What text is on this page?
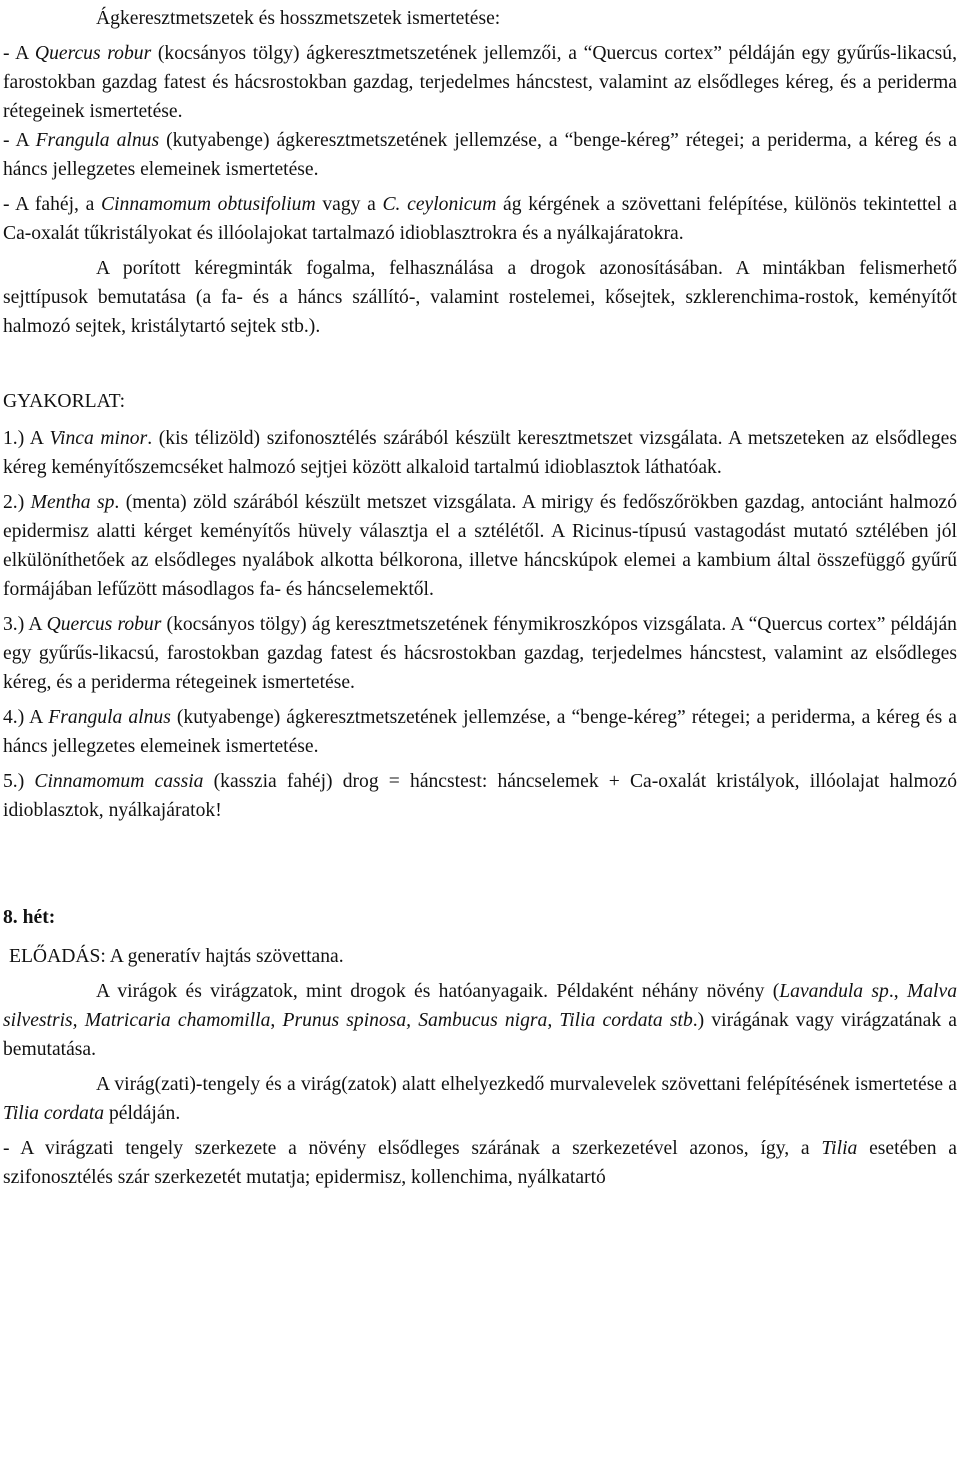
Ágkeresztmetszetek és hosszmetszetek ismertetése:

- A Quercus robur (kocsányos tölgy) ágkeresztmetszetének jellemzői, a “Quercus cortex” példáján egy gyűrűs-likacsú, farostokban gazdag fatest és hácsrostokban gazdag, terjedelmes háncstest, valamint az elsődleges kéreg, és a periderma rétegeinek ismertetése.

- A Frangula alnus (kutyabenge) ágkeresztmetszetének jellemzése, a “benge-kéreg” rétegei; a periderma, a kéreg és a háncs jellegzetes elemeinek ismertetése.

- A fahéj, a Cinnamomum obtusifolium vagy a C. ceylonicum ág kérgének a szövettani felépítése, különös tekintettel a Ca-oxalát tűkristályokat és illóolajokat tartalmazó idioblasztrokra és a nyálkajáratokra.

A porított kéregminták fogalma, felhasználása a drogok azonosításában. A mintákban felismerhető sejttípusok bemutatása (a fa- és a háncs szállító-, valamint rostelemei, kősejtek, szklerenchima-rostok, keményítőt halmozó sejtek, kristálytartó sejtek stb.).

GYAKORLAT:

1.) A Vinca minor. (kis télizöld) szifonosztélés szárából készült keresztmetszet vizsgálata. A metszeteken az elsődleges kéreg keményítőszemcséket halmozó sejtjei között alkaloid tartalmú idioblasztok láthatóak.

2.) Mentha sp. (menta) zöld szárából készült metszet vizsgálata. A mirigy és fedőszőrökben gazdag, antociánt halmozó epidermisz alatti kérget keményítős hüvely választja el a sztélétől. A Ricinus-típusú vastagodást mutató sztélében jól elkülöníthetőek az elsődleges nyalábok alkotta bélkorona, illetve háncskúpok elemei a kambium által összefüggő gyűrű formájában lefűzött másodlagos fa- és háncselemektől.

3.) A Quercus robur (kocsányos tölgy) ág keresztmetszetének fénymikroszkópos vizsgálata. A “Quercus cortex” példáján egy gyűrűs-likacsú, farostokban gazdag fatest és hácsrostokban gazdag, terjedelmes háncstest, valamint az elsődleges kéreg, és a periderma rétegeinek ismertetése.

4.) A Frangula alnus (kutyabenge) ágkeresztmetszetének jellemzése, a “benge-kéreg” rétegei; a periderma, a kéreg és a háncs jellegzetes elemeinek ismertetése.

5.) Cinnamomum cassia (kasszia fahéj) drog = háncstest: háncselemek + Ca-oxalát kristályok, illóolajat halmozó idioblasztok, nyálkajáratok!

8. hét:

ELŐADÁS: A generatív hajtás szövettana.

A virágok és virágzatok, mint drogok és hatóanyagaik. Példaként néhány növény (Lavandula sp., Malva silvestris, Matricaria chamomilla, Prunus spinosa, Sambucus nigra, Tilia cordata stb.) virágának vagy virágzatának a bemutatása.

A virág(zati)-tengely és a virág(zatok) alatt elhelyezkedő murvalevelek szövettani felépítésének ismertetése a Tilia cordata példáján.

- A virágzati tengely szerkezete a növény elsődleges szárának a szerkezetével azonos, így, a Tilia esetében a szifonosztélés szár szerkezetét mutatja; epidermisz, kollenchima, nyálkatartó
